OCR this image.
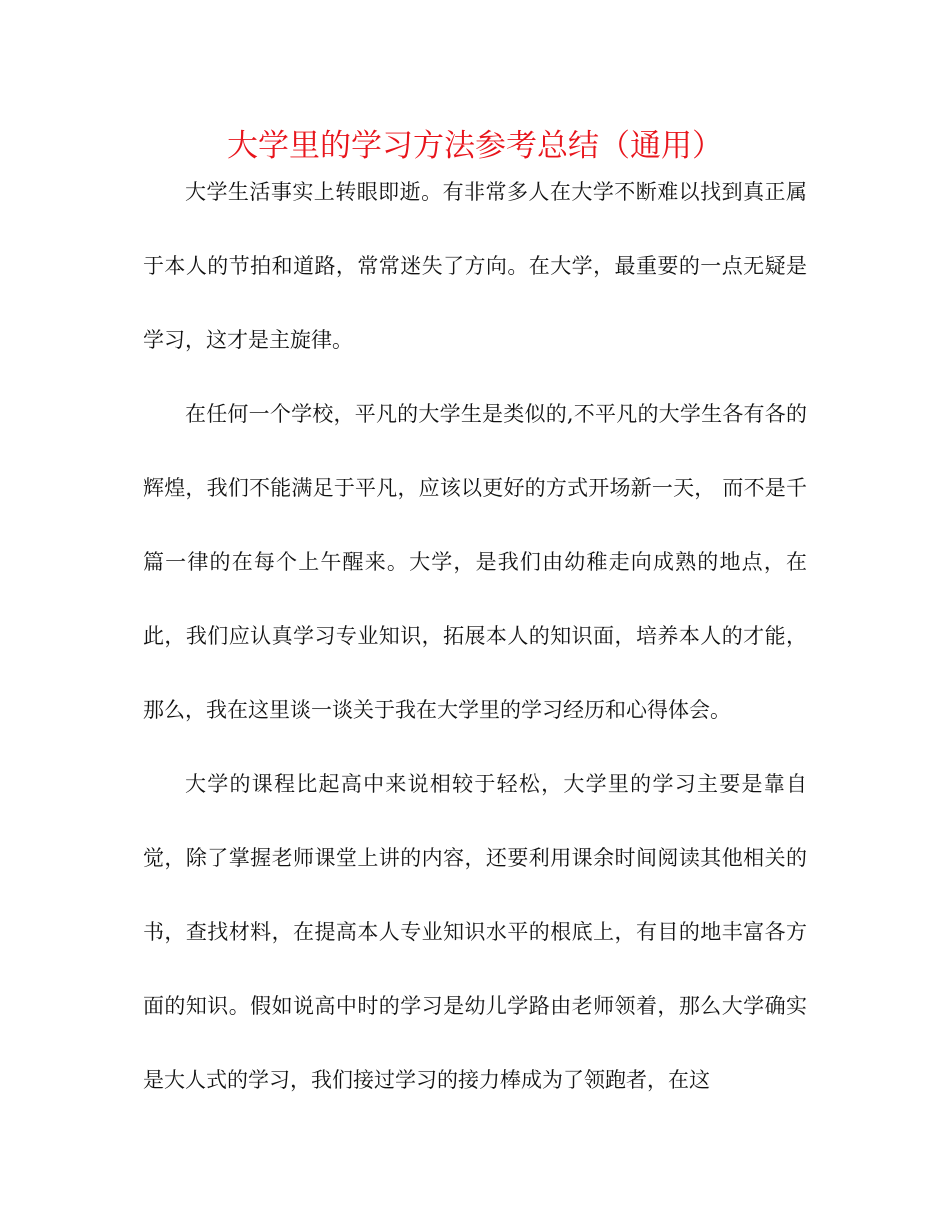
大学里的学习方法参考总结（通用）

大学生活事实上转眼即逝。有非常多人在大学不断难以找到真正属于本人的节拍和道路，常常迷失了方向。在大学，最重要的一点无疑是学习，这才是主旋律。

在任何一个学校，平凡的大学生是类似的,不平凡的大学生各有各的辉煌，我们不能满足于平凡，应该以更好的方式开场新一天， 而不是千篇一律的在每个上午醒来。大学，是我们由幼稚走向成熟的地点，在此，我们应认真学习专业知识，拓展本人的知识面，培养本人的才能，那么，我在这里谈一谈关于我在大学里的学习经历和心得体会。

大学的课程比起高中来说相较于轻松，大学里的学习主要是靠自觉，除了掌握老师课堂上讲的内容，还要利用课余时间阅读其他相关的书，查找材料，在提高本人专业知识水平的根底上，有目的地丰富各方面的知识。假如说高中时的学习是幼儿学路由老师领着，那么大学确实是大人式的学习，我们接过学习的接力棒成为了领跑者，在这
